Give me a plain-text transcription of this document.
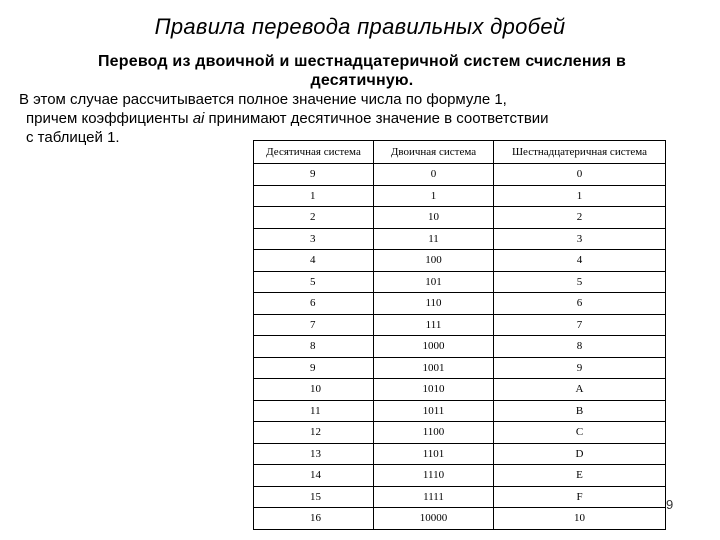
Правила перевода правильных дробей
Перевод из двоичной и шестнадцатеричной систем счисления в десятичную.
В этом случае рассчитывается полное значение числа по формуле 1,
причем коэффициенты ai принимают десятичное значение в соответствии
с таблицей 1.
Десятичная система	Двоичная система	Шестнадцатеричная система
9	0	0
1	1	1
2	10	2
3	11	3
4	100	4
5	101	5
6	110	6
7	111	7
8	1000	8
9	1001	9
10	1010	A
11	1011	B
12	1100	C
13	1101	D
14	1110	E
15	1111	F
16	10000	10
9
